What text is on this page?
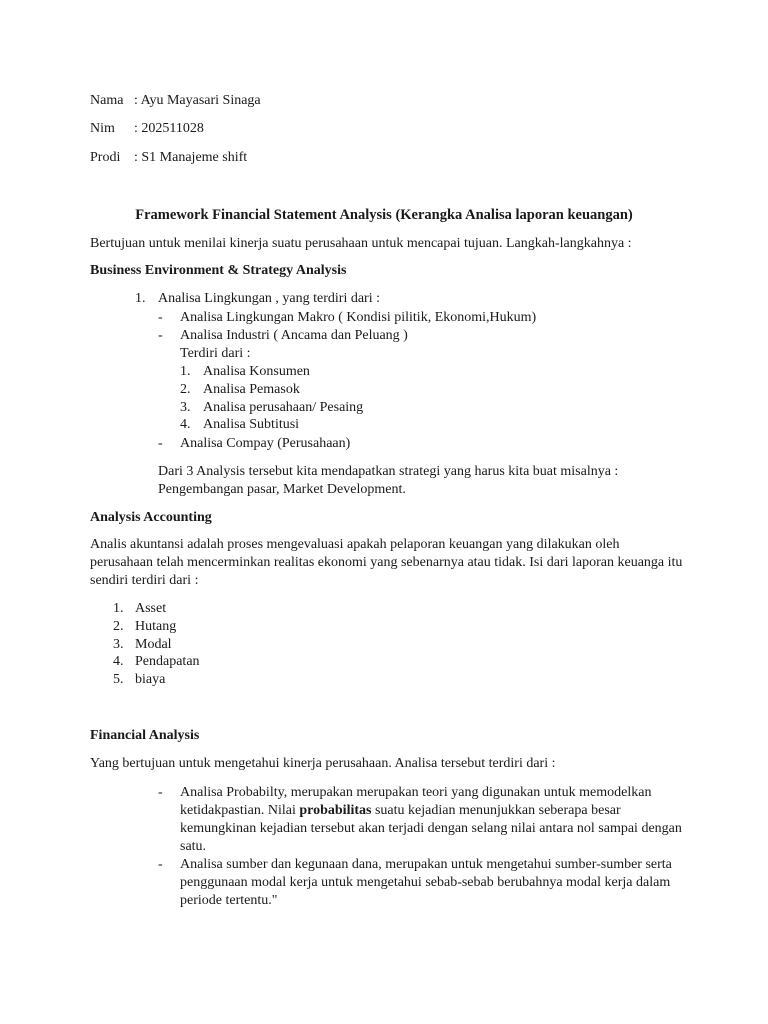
Nama : Ayu Mayasari Sinaga
Nim : 202511028
Prodi : S1 Manajeme shift
Framework Financial Statement Analysis (Kerangka Analisa laporan keuangan)
Bertujuan untuk menilai kinerja suatu perusahaan untuk mencapai tujuan. Langkah-langkahnya :
Business Environment & Strategy Analysis
1. Analisa Lingkungan , yang terdiri dari :
-	Analisa Lingkungan Makro ( Kondisi pilitik, Ekonomi,Hukum)
-	Analisa Industri ( Ancama dan Peluang )
Terdiri dari :
1. Analisa Konsumen
2. Analisa Pemasok
3. Analisa perusahaan/ Pesaing
4. Analisa Subtitusi
-	Analisa Compay (Perusahaan)
Dari 3 Analysis tersebut kita mendapatkan strategi yang harus kita buat misalnya :
Pengembangan pasar, Market Development.
Analysis Accounting
Analis akuntansi adalah proses mengevaluasi apakah pelaporan keuangan yang dilakukan oleh
perusahaan telah mencerminkan realitas ekonomi yang sebenarnya atau tidak. Isi dari laporan keuanga itu
sendiri terdiri dari :
1. Asset
2. Hutang
3. Modal
4. Pendapatan
5. biaya
Financial Analysis
Yang bertujuan untuk mengetahui kinerja perusahaan. Analisa tersebut terdiri dari :
-	Analisa Probabilty, merupakan merupakan teori yang digunakan untuk memodelkan
ketidakpastian. Nilai probabilitas suatu kejadian menunjukkan seberapa besar
kemungkinan kejadian tersebut akan terjadi dengan selang nilai antara nol sampai dengan
satu.
-	Analisa sumber dan kegunaan dana, merupakan untuk mengetahui sumber-sumber serta
penggunaan modal kerja untuk mengetahui sebab-sebab berubahnya modal kerja dalam
periode tertentu."
